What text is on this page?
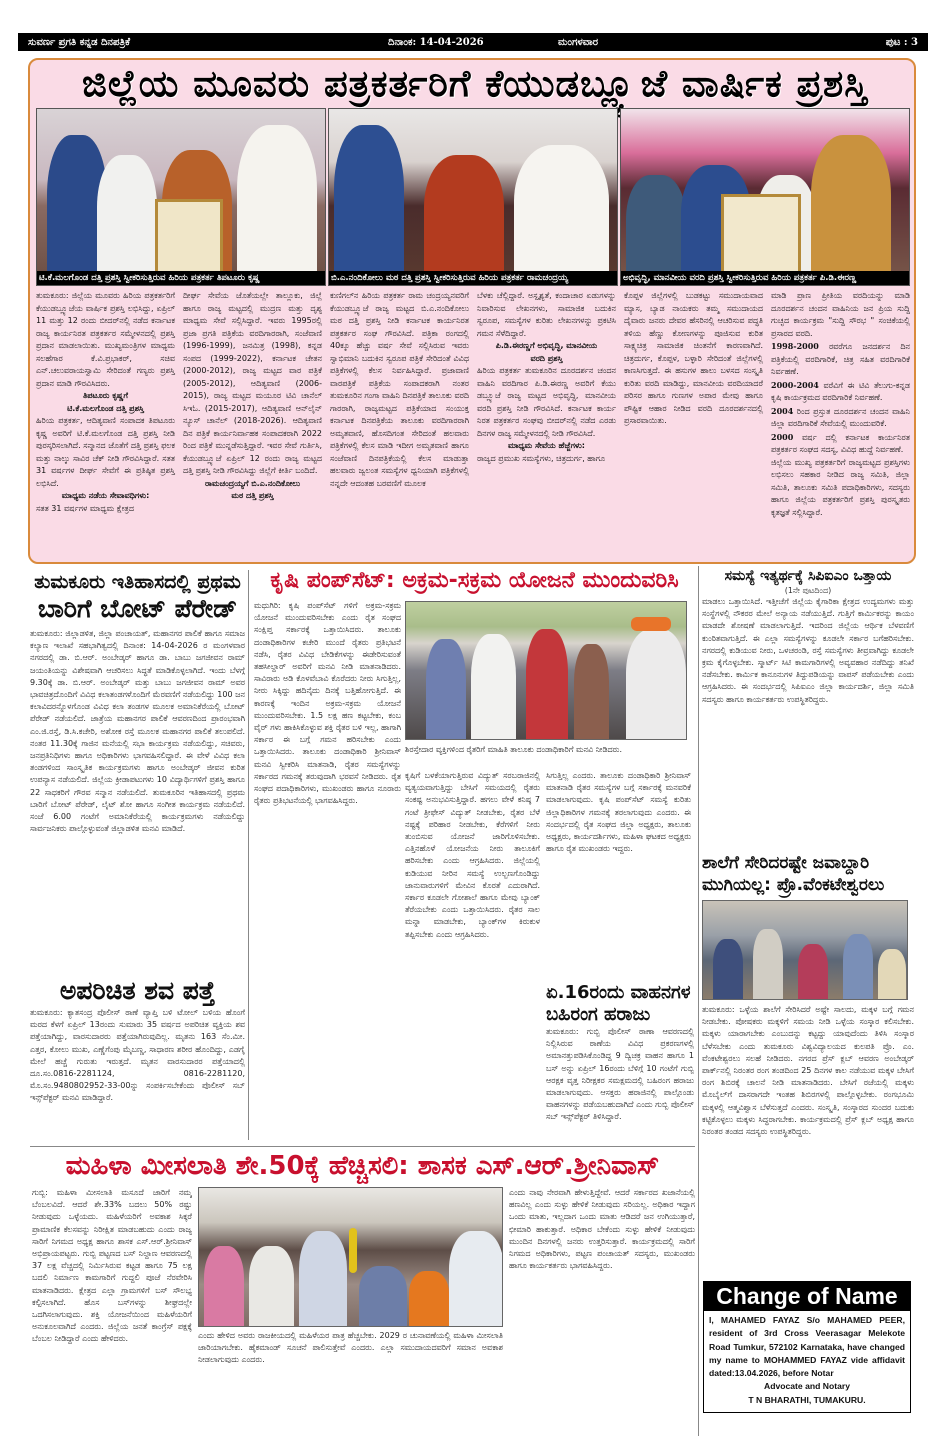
ಸುವರ್ಣ ಪ್ರಗತಿ ಕನ್ನಡ ದಿನಪತ್ರಿಕೆ	ದಿನಾಂಕ: 14-04-2026	ಮಂಗಳವಾರ	ಪುಟ : 3
ಜಿಲ್ಲೆಯ ಮೂವರು ಪತ್ರಕರ್ತರಿಗೆ ಕೆಯುಡಬ್ಲ್ಯೂಜೆ ವಾರ್ಷಿಕ ಪ್ರಶಸ್ತಿ
ಟಿ.ಕೆ.ಮಲಗೊಂಡ ದತ್ತಿ ಪ್ರಶಸ್ತಿ ಸ್ವೀಕರಿಸುತ್ತಿರುವ ಹಿರಿಯ ಪತ್ರಕರ್ತ ತಿಪಟೂರು ಕೃಷ್ಣ	ಬಿ.ಎ.ನಂದಿಕೋಲು ಮಠ ದತ್ತಿ ಪ್ರಶಸ್ತಿ ಸ್ವೀಕರಿಸುತ್ತಿರುವ ಹಿರಿಯ ಪತ್ರಕರ್ತ ರಾಮಚಂದ್ರಯ್ಯ	ಅಭಿವೃದ್ಧಿ, ಮಾನವೀಯ ವರದಿ ಪ್ರಶಸ್ತಿ ಸ್ವೀಕರಿಸುತ್ತಿರುವ ಹಿರಿಯ ಪತ್ರಕರ್ತ ಪಿ.ಡಿ.ಈರಣ್ಣ
ತುಮಕೂರು: ಜಿಲ್ಲೆಯ ಮೂವರು ಹಿರಿಯ ಪತ್ರಕರ್ತರಿಗೆ ಕೆಯುಡಬ್ಲ್ಯೂಜೆಯ ವಾರ್ಷಿಕ ಪ್ರಶಸ್ತಿ ಲಭಿಸಿದ್ದು, ಏಪ್ರಿಲ್ 11 ಮತ್ತು 12 ರಂದು ಬೀದರ್‌ನಲ್ಲಿ ನಡೆದ ಕರ್ನಾಟಕ ರಾಜ್ಯ ಕಾರ್ಯನಿರತ ಪತ್ರಕರ್ತರ ಸಮ್ಮೇಳನದಲ್ಲಿ ಪ್ರಶಸ್ತಿ ಪ್ರದಾನ ಮಾಡಲಾಯಿತು. ಮುಖ್ಯಮಂತ್ರಿಗಳ ಮಾಧ್ಯಮ ಸಲಹೆಗಾರ ಕೆ.ವಿ.ಪ್ರಭಾಕರ್, ಸಚಿವ ಎನ್.ಚಲುವರಾಯಸ್ವಾಮಿ ಸೇರಿದಂತೆ ಗಣ್ಯರು ಪ್ರಶಸ್ತಿ ಪ್ರದಾನ ಮಾಡಿ ಗೌರವಿಸಿದರು.
ತಿಪಟೂರು ಕೃಷ್ಣಗೆ
ಟಿ.ಕೆ.ಮಲಗೊಂಡ ದತ್ತಿ ಪ್ರಶಸ್ತಿ
ಹಿರಿಯ ಪತ್ರಕರ್ತ, ಆದಿತ್ಯವಾಣಿ ಸಂಪಾದಕ ತಿಪಟೂರು ಕೃಷ್ಣ ಅವರಿಗೆ ಟಿ.ಕೆ.ಮಲಗೊಂಡ ದತ್ತಿ ಪ್ರಶಸ್ತಿ ನೀಡಿ ಪುರಸ್ಕರಿಸಲಾಗಿದೆ. ಸನ್ಮಾನದ ಜೊತೆಗೆ ದತ್ತಿ ಪ್ರಶಸ್ತಿ ಫಲಕ ಮತ್ತು ನಾಲ್ಕು ಸಾವಿರ ಚೆಕ್ ನೀಡಿ ಗೌರವಿಸಿದ್ದಾರೆ. ಸತತ 31 ವರ್ಷಗಳ ದೀರ್ಘ ಸೇವೆಗೆ ಈ ಪ್ರತಿಷ್ಠಿತ ಪ್ರಶಸ್ತಿ ಲಭಿಸಿದೆ.
ಮಾಧ್ಯಮ ನಡೆಯ ಸೇವಾವಧಿಗಳು:
ಸತತ 31 ವರ್ಷಗಳ ಮಾಧ್ಯಮ ಕ್ಷೇತ್ರದ
ದೀರ್ಘ ಸೇವೆಯ ಜೊತೆಯಲ್ಲೇ ತಾಲ್ಲೂಕು, ಜಿಲ್ಲೆ ಹಾಗೂ ರಾಜ್ಯ ಮಟ್ಟದಲ್ಲಿ ಮುದ್ರಣ ಮತ್ತು ದೃಶ್ಯ ಮಾಧ್ಯಮ ಸೇವೆ ಸಲ್ಲಿಸಿದ್ದಾರೆ. ಇವರು 1995ರಲ್ಲಿ ಪ್ರಜಾ ಪ್ರಗತಿ ಪತ್ರಿಕೆಯ ವರದಿಗಾರರಾಗಿ, ಸಂಜೆವಾಣಿ (1996-1999), ಜನಮಿತ್ರ (1998), ಕನ್ನಡ ಸಂಪದ (1999-2022), ಕರ್ನಾಟಕ ಚೇತನ (2000-2012), ರಾಜ್ಯ ಮಟ್ಟದ ವಾರ ಪತ್ರಿಕೆ (2005-2012), ಆದಿತ್ಯವಾಣಿ (2006- 2015), ರಾಜ್ಯ ಮಟ್ಟದ ಮಯೂರ ಟಿವಿ ಚಾನೆಲ್ ಸಿಇಓ. (2015-2017), ಆದಿತ್ಯವಾಣಿ ಆನ್‌ಲೈನ್ ನ್ಯೂಸ್ ಚಾನೆಲ್ (2018-2026). ಆದಿತ್ಯವಾಣಿ ದಿನ ಪತ್ರಿಕೆ ಕಾರ್ಯನಿರ್ವಾಹಕ ಸಂಪಾದಕರಾಗಿ 2022 ರಿಂದ ಪತ್ರಿಕೆ ಮುನ್ನಡೆಸುತ್ತಿದ್ದಾರೆ. ಇವರ ಸೇವೆ ಗುರ್ತಿಸಿ, ಕೆಯುಡಬ್ಲ್ಯೂಜೆ ಏಪ್ರಿಲ್ 12 ರಂದು ರಾಜ್ಯ ಮಟ್ಟದ ದತ್ತಿ ಪ್ರಶಸ್ತಿ ನೀಡಿ ಗೌರವಿಸಿದ್ದು ಜಿಲ್ಲೆಗೆ ಕೀರ್ತಿ ಬಂದಿದೆ.
ರಾಮಚಂದ್ರಯ್ಯಗೆ ಬಿ.ಎ.ನಂದಿಕೋಲು
ಮಠ ದತ್ತಿ ಪ್ರಶಸ್ತಿ
ಕುಣಿಗಲ್‌ನ ಹಿರಿಯ ಪತ್ರಕರ್ತ ರಾಮ ಚಂದ್ರಯ್ಯನವರಿಗೆ ಕೆಯುಡಬ್ಲ್ಯೂಜೆ ರಾಜ್ಯ ಮಟ್ಟದ ಬಿ.ಎ.ನಂದಿಕೋಲು ಮಠ ದತ್ತಿ ಪ್ರಶಸ್ತಿ ನೀಡಿ ಕರ್ನಾಟಕ ಕಾರ್ಯನಿರತ ಪತ್ರಕರ್ತರ ಸಂಘ ಗೌರವಿಸಿದೆ. ಪತ್ರಿಕಾ ರಂಗದಲ್ಲಿ 40ಕ್ಕೂ ಹೆಚ್ಚು ವರ್ಷ ಸೇವೆ ಸಲ್ಲಿಸಿರುವ ಇವರು ಸ್ವಾಭಿಮಾನಿ ಬದುಕಿನ ಸ್ವರೂಪ ಪತ್ರಿಕೆ ಸೇರಿದಂತೆ ವಿವಿಧ ಪತ್ರಿಕೆಗಳಲ್ಲಿ ಕೆಲಸ ನಿರ್ವಹಿಸಿದ್ದಾರೆ. ಪ್ರಜಾವಾಣಿ ವಾರಪತ್ರಿಕೆ ಪತ್ರಿಕೆಯ ಸಂಪಾದಕರಾಗಿ ನಂತರ ತುಮಕೂರಿನ ಗಂಗಾ ವಾಹಿನಿ ದಿನಪತ್ರಿಕೆ ತಾಲೂಕು ವರದಿ ಗಾರರಾಗಿ, ರಾಜ್ಯಮಟ್ಟದ ಪತ್ರಿಕೆಯಾದ ಸಂಯುಕ್ತ ಕರ್ನಾಟಕ ದಿನಪತ್ರಿಕೆಯ ತಾಲೂಕು ವರದಿಗಾರರಾಗಿ ಅಮೃತವಾಣಿ, ಹೊಸದಿಗಂತ ಸೇರಿದಂತೆ ಹಲವಾರು ಪತ್ರಿಕೆಗಳಲ್ಲಿ ಕೆಲಸ ಮಾಡಿ ಇದೀಗ ಅಮೃತವಾಣಿ ಹಾಗೂ ಸಂಜೆವಾಣಿ ದಿನಪತ್ರಿಕೆಯಲ್ಲಿ ಕೆಲಸ ಮಾಡುತ್ತಾ ಹಲವಾರು ಜ್ವಲಂತ ಸಮಸ್ಯೆಗಳ ಧ್ವನಿಯಾಗಿ ಪತ್ರಿಕೆಗಳಲ್ಲಿ ನನ್ನದೇ ಆದಂತಹ ಬರವಣಿಗೆ ಮೂಲಕ
ಬೆಳಕು ಚೆಲ್ಲಿದ್ದಾರೆ. ಅಸ್ಪೃಶ್ಯತೆ, ಕಂದಾಚಾರ ಏಡುಗಳನ್ನು ನಿವಾರಿಸುವ ಲೇಖನಗಳು, ಸಾಮಾಜಿಕ ಬದುಕಿನ ಸ್ವರೂಪ, ಸಮಸ್ಯೆಗಳ ಕುರಿತು ಲೇಖನಗಳನ್ನು ಪ್ರಕಟಿಸಿ ಗಮನ ಸೆಳೆದಿದ್ದಾರೆ.
ಪಿ.ಡಿ.ಈರಣ್ಣಗೆ ಅಭಿವೃದ್ಧಿ, ಮಾನವೀಯ
ವರದಿ ಪ್ರಶಸ್ತಿ
ಹಿರಿಯ ಪತ್ರಕರ್ತ ತುಮಕೂರಿನ ದೂರದರ್ಶನ ಚಂದನ ವಾಹಿನಿ ವರದಿಗಾರ ಪಿ.ಡಿ.ಈರಣ್ಣ ಅವರಿಗೆ ಕೆಯು ಡಬ್ಲ್ಯೂಜೆ ರಾಜ್ಯ ಮಟ್ಟದ ಅಭಿವೃದ್ಧಿ, ಮಾನವೀಯ ವರದಿ ಪ್ರಶಸ್ತಿ ನೀಡಿ ಗೌರವಿಸಿದೆ. ಕರ್ನಾಟಕ ಕಾರ್ಯ ನಿರತ ಪತ್ರಕರ್ತರ ಸಂಘವು ಬೀದರ್‌ನಲ್ಲಿ ನಡೆದ ಎರಡು ದಿನಗಳ ರಾಜ್ಯ ಸಮ್ಮೇಳನದಲ್ಲಿ ನೀಡಿ ಗೌರವಿಸಿದೆ.
ಮಾಧ್ಯಮ ಸೇವೆಯ ಹೆಜ್ಜೆಗಳು:
ರಾಜ್ಯದ ಪ್ರಮುಖ ಸಮಸ್ಯೆಗಳು, ಚಿತ್ರದುರ್ಗ, ಹಾಗೂ
ಕೊಪ್ಪಳ ಜಿಲ್ಲೆಗಳಲ್ಲಿ ಬುಡಕಟ್ಟು ಸಮುದಾಯವಾದ ಮ್ಯಾಸ, ಬ್ಯಾಡ ನಾಯಕರು ತಮ್ಮ ಸಮುದಾಯದ ದೈವಾರು ಜನರು ದೇವರ ಹೆಸರಿನಲ್ಲಿ ಆಚರಿಸುವ ಪದ್ಧತಿ ತಳಿಯ ಹೆಣ್ಣು ಕೋಣಗಳನ್ನು ಪೂಜಿಸುವ ಕುರಿತ ಸಾಕ್ಷ್ಯಚಿತ್ರ ಸಾಮಾಜಿಕ ಚಿಂತನೆಗೆ ಕಾರಣವಾಗಿದೆ. ಚಿತ್ರದುರ್ಗ, ಕೊಪ್ಪಳ, ಬಳ್ಳಾರಿ ಸೇರಿದಂತೆ ಜಿಲ್ಲೆಗಳಲ್ಲಿ ಕಾಣಸಿಗುತ್ತದೆ. ಈ ಹಸುಗಳ ಹಾಲು ಬಳಸದ ಸಂಸ್ಕೃತಿ ಕುರಿತು ವರದಿ ಮಾಡಿದ್ದು, ಮಾನವೀಯ ವರದಿಯಾದರೆ ಪರಿಸರ ಹಾಗೂ ಗುಣಗಳ ಅಪಾರ ಮೇವು ಹಾಗೂ ಪೌಷ್ಟಿಕ ಆಹಾರ ನೀಡಿದ ವರದಿ ದೂರದರ್ಶನದಲ್ಲಿ ಪ್ರಸಾರವಾಯಿತು.
ಮಾಡಿ ಪ್ರಾಣ ಪ್ರೀತಿಯ ವರದಿಯನ್ನು ಮಾಡಿ ದೂರದರ್ಶನ ಚಂದನ ವಾಹಿನಿಯ ಜನ ಪ್ರಿಯ ಸುದ್ದಿ ಗುಚ್ಛದ ಕಾರ್ಯಕ್ರಮ "ಸುದ್ದಿ ಸೌರಭ " ಸಂಚಿಕೆಯಲ್ಲಿ ಪ್ರಸಾರದ ವರದಿ.
1998-2000 ರವರೆಗೂ ಜನದರ್ಶನ ದಿನ ಪತ್ರಿಕೆಯಲ್ಲಿ ವರದಿಗಾರಿಕೆ, ಚಿತ್ರ ಸಹಿತ ವರದಿಗಾರಿಕೆ ನಿರ್ವಹಣೆ.
2000-2004 ವರೆವಿಗೆ ಈ ಟಿವಿ ತೆಲುಗು-ಕನ್ನಡ ಕೃಷಿ ಕಾರ್ಯಕ್ರಮದ ವರದಿಗಾರಿಕೆ ನಿರ್ವಹಣೆ.
2004 ರಿಂದ ಪ್ರಸ್ತುತ ದೂರದರ್ಶನ ಚಂದನ ವಾಹಿನಿ ಜಿಲ್ಲಾ ವರದಿಗಾರಿಕೆ ಸೇವೆಯಲ್ಲಿ ಮುಂದುವರಿಕೆ.
2000 ವರ್ಷ ದಲ್ಲಿ ಕರ್ನಾಟಕ ಕಾರ್ಯನಿರತ ಪತ್ರಕರ್ತರ ಸಂಘದ ಸದಸ್ಯ, ವಿವಿಧ ಹುದ್ದೆ ನಿರ್ವಹಣೆ.
ಜಿಲ್ಲೆಯ ಮುಖ್ಯ ಪತ್ರಕರ್ತರಿಗೆ ರಾಜ್ಯಮಟ್ಟದ ಪ್ರಶಸ್ತಿಗಳು ಲಭಿಸಲು ಸಹಕಾರ ನೀಡಿದ ರಾಜ್ಯ ಸಮಿತಿ, ಜಿಲ್ಲಾ ಸಮಿತಿ, ತಾಲೂಕು ಸಮಿತಿ ಪದಾಧಿಕಾರಿಗಳು, ಸದಸ್ಯರು ಹಾಗೂ ಜಿಲ್ಲೆಯ ಪತ್ರಕರ್ತರಿಗೆ ಪ್ರಶಸ್ತಿ ಪುರಸ್ಕೃತರು ಕೃತಜ್ಞತೆ ಸಲ್ಲಿಸಿದ್ದಾರೆ.
ತುಮಕೂರು ಇತಿಹಾಸದಲ್ಲಿ ಪ್ರಥಮ
ಬಾರಿಗೆ ಬೋಟ್ ಪೆರೇಡ್
ತುಮಕೂರು: ಜಿಲ್ಲಾಡಳಿತ, ಜಿಲ್ಲಾ ಪಂಚಾಯತ್, ಮಹಾನಗರ ಪಾಲಿಕೆ ಹಾಗೂ ಸಮಾಜ ಕಲ್ಯಾಣ ಇಲಾಖೆ ಸಹಭಾಗಿತ್ವದಲ್ಲಿ ದಿನಾಂಕ: 14-04-2026 ರ ಮಂಗಳವಾರ ನಗರದಲ್ಲಿ ಡಾ. ಬಿ.ಆರ್. ಅಂಬೇಡ್ಕರ್ ಹಾಗೂ ಡಾ. ಬಾಬು ಜಗಜೀವನ ರಾಮ್ ಜಯಂತಿಯನ್ನು ವಿಶೇಷವಾಗಿ ಆಚರಿಸಲು ಸಿದ್ಧತೆ ಮಾಡಿಕೊಳ್ಳಲಾಗಿದೆ. ಇಂದು ಬೆಳಗ್ಗೆ 9.30ಕ್ಕೆ ಡಾ. ಬಿ.ಆರ್. ಅಂಬೇಡ್ಕರ್ ಮತ್ತು ಬಾಬು ಜಗಜೀವನ ರಾಮ್ ಅವರ ಭಾವಚಿತ್ರದೊಂದಿಗೆ ವಿವಿಧ ಕಲಾತಂಡಗಳೊಂದಿಗೆ ಮೆರವಣಿಗೆ ನಡೆಯಲಿದ್ದು 100 ಜನ ಕಲಾವಿದರನ್ನೊಳಗೊಂಡ ವಿವಿಧ ಕಲಾ ತಂಡಗಳ ಮೂಲಕ ಅಮಾನಿಕೆರೆಯಲ್ಲಿ ಬೋಟ್ ಪೆರೇಡ್ ನಡೆಯಲಿದೆ. ಜಾತ್ರೆಯ ಮಹಾನಗರ ಪಾಲಿಕೆ ಆವರಣದಿಂದ ಪ್ರಾರಂಭವಾಗಿ ಎಂ.ಜಿ.ರಸ್ತೆ, ಡಿ.ಸಿ.ಕಚೇರಿ, ಅಶೋಕ ರಸ್ತೆ ಮೂಲಕ ಮಹಾನಗರ ಪಾಲಿಕೆ ತಲುಪಲಿದೆ. ನಂತರ 11.30ಕ್ಕೆ ಗಾಜಿನ ಮನೆಯಲ್ಲಿ ಸಭಾ ಕಾರ್ಯಕ್ರಮ ನಡೆಯಲಿದ್ದು, ಸಚಿವರು, ಜನಪ್ರತಿನಿಧಿಗಳು ಹಾಗೂ ಅಧಿಕಾರಿಗಳು ಭಾಗವಹಿಸಲಿದ್ದಾರೆ. ಈ ವೇಳೆ ವಿವಿಧ ಕಲಾ ತಂಡಗಳಿಂದ ಸಾಂಸ್ಕೃತಿಕ ಕಾರ್ಯಕ್ರಮಗಳು ಹಾಗೂ ಅಂಬೇಡ್ಕರ್ ಜೀವನ ಕುರಿತ ಉಪನ್ಯಾಸ ನಡೆಯಲಿದೆ. ಜಿಲ್ಲೆಯ ಕ್ರೀಡಾಪಟುಗಳು 10 ವಿದ್ಯಾರ್ಥಿಗಳಿಗೆ ಪ್ರಶಸ್ತಿ ಹಾಗೂ 22 ಸಾಧಕರಿಗೆ ಗೌರವ ಸನ್ಮಾನ ನಡೆಯಲಿದೆ. ತುಮಕೂರಿನ ಇತಿಹಾಸದಲ್ಲಿ ಪ್ರಥಮ ಬಾರಿಗೆ ಬೋಟ್ ಪೆರೇಡ್, ಲೈಟ್ ಶೋ ಹಾಗೂ ಸಂಗೀತ ಕಾರ್ಯಕ್ರಮ ನಡೆಯಲಿದೆ. ಸಂಜೆ 6.00 ಗಂಟೆಗೆ ಅಮಾನಿಕೆರೆಯಲ್ಲಿ ಕಾರ್ಯಕ್ರಮಗಳು ನಡೆಯಲಿದ್ದು ಸಾರ್ವಜನಿಕರು ಪಾಲ್ಗೊಳ್ಳುವಂತೆ ಜಿಲ್ಲಾಡಳಿತ ಮನವಿ ಮಾಡಿದೆ.
ಅಪರಿಚಿತ ಶವ ಪತ್ತೆ
ತುಮಕೂರು: ಕ್ಯಾತಸಂದ್ರ ಪೊಲೀಸ್ ಠಾಣೆ ವ್ಯಾಪ್ತಿ ಬಳಿ ಟೋಲ್ ಬಳಿಯ ಹೊಂಗೆ ಮರದ ಕೆಳಗೆ ಏಪ್ರಿಲ್ 13ರಂದು ಸುಮಾರು 35 ವರ್ಷದ ಅಪರಿಚಿತ ವ್ಯಕ್ತಿಯ ಶವ ಪತ್ತೆಯಾಗಿದ್ದು, ವಾರಸುದಾರರು ಪತ್ತೆಯಾಗಿರುವುದಿಲ್ಲ. ಮೃತನು 163 ಸೆಂ.ಮೀ. ಎತ್ತರ, ಕೋಲು ಮುಖ, ಎಣ್ಣೆಗೆಂಪು ಮೈಬಣ್ಣ, ಸಾಧಾರಣ ಶರೀರ ಹೊಂದಿದ್ದು, ಎಡಗೈ ಮೇಲೆ ಹಚ್ಚೆ ಗುರುತು ಇರುತ್ತದೆ. ಮೃತನ ವಾರಸುದಾರರ ಪತ್ತೆಯಾದಲ್ಲಿ ದೂ.ಸಂ.0816-2281124, 0816-2281120, ಮೊ.ಸಂ.9480802952-33-00ನ್ನು ಸಂಪರ್ಕಿಸಬೇಕೆಂದು ಪೊಲೀಸ್ ಸಬ್ ಇನ್ಸ್‌ಪೆಕ್ಟರ್ ಮನವಿ ಮಾಡಿದ್ದಾರೆ.
ಕೃಷಿ ಪಂಪ್‌ಸೆಟ್: ಅಕ್ರಮ-ಸಕ್ರಮ ಯೋಜನೆ ಮುಂದುವರಿಸಿ
ಮಧುಗಿರಿ: ಕೃಷಿ ಪಂಪ್‌ಸೆಟ್ ಗಳಿಗೆ ಅಕ್ರಮ-ಸಕ್ರಮ ಯೋಜನೆ ಮುಂದುವರಿಸಬೇಕು ಎಂದು ರೈತ ಸಂಘದ ಸಂಕ್ಷಿಪ್ತ ಸರ್ಕಾರಕ್ಕೆ ಒತ್ತಾಯಿಸಿದರು. ತಾಲೂಕು ದಂಡಾಧಿಕಾರಿಗಳ ಕಚೇರಿ ಮುಂದೆ ರೈತರು ಪ್ರತಿಭಟನೆ ನಡೆಸಿ, ರೈತರ ವಿವಿಧ ಬೇಡಿಕೆಗಳನ್ನು ಈಡೇರಿಸುವಂತೆ ತಹಸೀಲ್ದಾರ್ ಅವರಿಗೆ ಮನವಿ ನೀಡಿ ಮಾತನಾಡಿದರು. ಸಾವಿರಾರು ಅಡಿ ಕೊಳವೆಬಾವಿ ಕೊರೆದರು ನೀರು ಸಿಗುತ್ತಿಲ್ಲ, ನೀರು ಸಿಕ್ಕಿದ್ದು ಹದಿನೈದು ದಿನಕ್ಕೆ ಬತ್ತಿಹೋಗುತ್ತಿದೆ. ಈ ಕಾರಣಕ್ಕೆ ಇಂದಿನ ಅಕ್ರಮ-ಸಕ್ರಮ ಯೋಜನೆ ಮುಂದುವರಿಸಬೇಕು. 1.5 ಲಕ್ಷ ಹಣ ಕಟ್ಟಬೇಕು, ಕಂಬ ವೈರ್ ಗಳು ಹಾಕಿಸಿಕೊಳ್ಳುವ ಶಕ್ತಿ ರೈತರ ಬಳಿ ಇಲ್ಲ, ಹಾಗಾಗಿ ಸರ್ಕಾರ ಈ ಬಗ್ಗೆ ಗಮನ ಹರಿಸಬೇಕು ಎಂದು ಒತ್ತಾಯಿಸಿದರು. ತಾಲೂಕು ದಂಡಾಧಿಕಾರಿ ಶ್ರೀನಿವಾಸ್ ಮನವಿ ಸ್ವೀಕರಿಸಿ ಮಾತನಾಡಿ, ರೈತರ ಸಮಸ್ಯೆಗಳನ್ನು ಸರ್ಕಾರದ ಗಮನಕ್ಕೆ ತರುವುದಾಗಿ ಭರವಸೆ ನೀಡಿದರು. ರೈತ ಸಂಘದ ಪದಾಧಿಕಾರಿಗಳು, ಮುಖಂಡರು ಹಾಗೂ ನೂರಾರು ರೈತರು ಪ್ರತಿಭಟನೆಯಲ್ಲಿ ಭಾಗವಹಿಸಿದ್ದರು.
ಶಿರಸ್ತೇದಾರ ವ್ಯಕ್ತಿಗಳಿಂದ ರೈತರಿಗೆ ಮಾಹಿತಿ ತಾಲೂಕು ದಂಡಾಧಿಕಾರಿಗೆ ಮನವಿ ನೀಡಿದರು.
ಕೃಷಿಗೆ ಬಳಕೆಯಾಗುತ್ತಿರುವ ವಿದ್ಯುತ್ ಸರಬರಾಜಿನಲ್ಲಿ ವ್ಯತ್ಯಯವಾಗುತ್ತಿದ್ದು ಬೇಸಿಗೆ ಸಮಯದಲ್ಲಿ ರೈತರು ಸಂಕಷ್ಟ ಅನುಭವಿಸುತ್ತಿದ್ದಾರೆ. ಹಗಲು ವೇಳೆ ಕನಿಷ್ಠ 7 ಗಂಟೆ ತ್ರೀಫೇಸ್ ವಿದ್ಯುತ್ ನೀಡಬೇಕು, ರೈತರ ಬೆಳೆ ನಷ್ಟಕ್ಕೆ ಪರಿಹಾರ ನೀಡಬೇಕು, ಕೆರೆಗಳಿಗೆ ನೀರು ತುಂಬಿಸುವ ಯೋಜನೆ ಜಾರಿಗೊಳಿಸಬೇಕು. ಎತ್ತಿನಹೊಳೆ ಯೋಜನೆಯ ನೀರು ತಾಲೂಕಿಗೆ ಹರಿಸಬೇಕು ಎಂದು ಆಗ್ರಹಿಸಿದರು. ಜಿಲ್ಲೆಯಲ್ಲಿ ಕುಡಿಯುವ ನೀರಿನ ಸಮಸ್ಯೆ ಉಲ್ಬಣಗೊಂಡಿದ್ದು ಜಾನುವಾರುಗಳಿಗೆ ಮೇವಿನ ಕೊರತೆ ಎದುರಾಗಿದೆ. ಸರ್ಕಾರ ಕೂಡಲೇ ಗೋಶಾಲೆ ಹಾಗೂ ಮೇವು ಬ್ಯಾಂಕ್ ತೆರೆಯಬೇಕು ಎಂದು ಒತ್ತಾಯಿಸಿದರು. ರೈತರ ಸಾಲ ಮನ್ನಾ ಮಾಡಬೇಕು, ಬ್ಯಾಂಕ್‌ಗಳ ಕಿರುಕುಳ ತಪ್ಪಿಸಬೇಕು ಎಂದು ಆಗ್ರಹಿಸಿದರು.
ಸಿಗುತ್ತಿಲ್ಲ ಎಂದರು. ತಾಲೂಕು ದಂಡಾಧಿಕಾರಿ ಶ್ರೀನಿವಾಸ್ ಮಾತನಾಡಿ ರೈತರ ಸಮಸ್ಯೆಗಳ ಬಗ್ಗೆ ಸರ್ಕಾರಕ್ಕೆ ಮನವರಿಕೆ ಮಾಡಲಾಗುವುದು. ಕೃಷಿ ಪಂಪ್‌ಸೆಟ್ ಸಮಸ್ಯೆ ಕುರಿತು ಜಿಲ್ಲಾಧಿಕಾರಿಗಳ ಗಮನಕ್ಕೆ ತರಲಾಗುವುದು ಎಂದರು. ಈ ಸಂದರ್ಭದಲ್ಲಿ ರೈತ ಸಂಘದ ಜಿಲ್ಲಾ ಅಧ್ಯಕ್ಷರು, ತಾಲೂಕು ಅಧ್ಯಕ್ಷರು, ಕಾರ್ಯದರ್ಶಿಗಳು, ಮಹಿಳಾ ಘಟಕದ ಅಧ್ಯಕ್ಷರು ಹಾಗೂ ರೈತ ಮುಖಂಡರು ಇದ್ದರು.
ಏ.16ರಂದು ವಾಹನಗಳ
ಬಹಿರಂಗ ಹರಾಜು
ತುಮಕೂರು: ಗುಬ್ಬಿ ಪೊಲೀಸ್ ಠಾಣಾ ಆವರಣದಲ್ಲಿ ನಿಲ್ಲಿಸಿರುವ ಠಾಣೆಯ ವಿವಿಧ ಪ್ರಕರಣಗಳಲ್ಲಿ ಅಮಾನತ್ತುಪಡಿಸಿಕೊಂಡಿದ್ದ 9 ದ್ವಿಚಕ್ರ ವಾಹನ ಹಾಗೂ 1 ಬಸ್ ಅನ್ನು ಏಪ್ರಿಲ್ 16ರಂದು ಬೆಳಿಗ್ಗೆ 10 ಗಂಟೆಗೆ ಗುಬ್ಬಿ ಆರಕ್ಷಕ ವೃತ್ತ ನಿರೀಕ್ಷಕರ ಸಮಕ್ಷಮದಲ್ಲಿ ಬಹಿರಂಗ ಹರಾಜು ಮಾಡಲಾಗುವುದು. ಆಸಕ್ತರು ಹರಾಜಿನಲ್ಲಿ ಪಾಲ್ಗೊಂಡು ವಾಹನಗಳನ್ನು ಪಡೆಯಬಹುದಾಗಿದೆ ಎಂದು ಗುಬ್ಬಿ ಪೊಲೀಸ್ ಸಬ್ ಇನ್ಸ್‌ಪೆಕ್ಟರ್ ತಿಳಿಸಿದ್ದಾರೆ.
ಸಮಸ್ಯೆ ಇತ್ಯರ್ಥಕ್ಕೆ ಸಿಪಿಐಎಂ ಒತ್ತಾಯ
(1ನೇ ಪುಟದಿಂದ)
ಮಾಡಲು ಒತ್ತಾಯಿಸಿದೆ. ಇತ್ತೀಚೆಗೆ ಜಿಲ್ಲೆಯ ಕೈಗಾರಿಕಾ ಕ್ಷೇತ್ರದ ಉದ್ಯಮಗಳು ಮತ್ತು ಸಂಸ್ಥೆಗಳಲ್ಲಿ ನೌಕರರ ಮೇಲೆ ಅನ್ಯಾಯ ನಡೆಯುತ್ತಿದೆ. ಗುತ್ತಿಗೆ ಕಾರ್ಮಿಕರನ್ನು ಕಾಯಂ ಮಾಡದೇ ಶೋಷಣೆ ಮಾಡಲಾಗುತ್ತಿದೆ. ಇದರಿಂದ ಜಿಲ್ಲೆಯ ಆರ್ಥಿಕ ಬೆಳವಣಿಗೆ ಕುಂಠಿತವಾಗುತ್ತಿದೆ. ಈ ಎಲ್ಲಾ ಸಮಸ್ಯೆಗಳನ್ನು ಕೂಡಲೇ ಸರ್ಕಾರ ಬಗೆಹರಿಸಬೇಕು. ನಗರದಲ್ಲಿ ಕುಡಿಯುವ ನೀರು, ಒಳಚರಂಡಿ, ರಸ್ತೆ ಸಮಸ್ಯೆಗಳು ತೀವ್ರವಾಗಿದ್ದು ಕೂಡಲೇ ಕ್ರಮ ಕೈಗೊಳ್ಳಬೇಕು. ಸ್ಮಾರ್ಟ್ ಸಿಟಿ ಕಾಮಗಾರಿಗಳಲ್ಲಿ ಅವ್ಯವಹಾರ ನಡೆದಿದ್ದು ತನಿಖೆ ನಡೆಸಬೇಕು. ಕಾರ್ಮಿಕ ಕಾನೂನುಗಳ ತಿದ್ದುಪಡಿಯನ್ನು ವಾಪಸ್ ಪಡೆಯಬೇಕು ಎಂದು ಆಗ್ರಹಿಸಿದರು. ಈ ಸಂದರ್ಭದಲ್ಲಿ ಸಿಪಿಐಎಂ ಜಿಲ್ಲಾ ಕಾರ್ಯದರ್ಶಿ, ಜಿಲ್ಲಾ ಸಮಿತಿ ಸದಸ್ಯರು ಹಾಗೂ ಕಾರ್ಯಕರ್ತರು ಉಪಸ್ಥಿತರಿದ್ದರು.
ಶಾಲೆಗೆ ಸೇರಿದರಷ್ಟೇ ಜವಾಬ್ದಾರಿ
ಮುಗಿಯಲ್ಲ: ಪ್ರೊ.ವೆಂಕಟೇಶ್ವರಲು
ತುಮಕೂರು: ಒಳ್ಳೆಯ ಶಾಲೆಗೆ ಸೇರಿಸಿದರೆ ಅಷ್ಟೇ ಸಾಲದು, ಮಕ್ಕಳ ಬಗ್ಗೆ ಗಮನ ನೀಡಬೇಕು. ಪೋಷಕರು ಮಕ್ಕಳಿಗೆ ಸಮಯ ನೀಡಿ ಒಳ್ಳೆಯ ಸಂಸ್ಕಾರ ಕಲಿಸಬೇಕು. ಮಕ್ಕಳು ಯಾರಾಗಬೇಕು ಎಂಬುದನ್ನು ಕಟ್ಟದ್ದು ಯಾವುದೆಂದು ತಿಳಿಸಿ ಸಂಸ್ಕಾರ ಬೆಳೆಸಬೇಕು ಎಂದು ತುಮಕೂರು ವಿಶ್ವವಿದ್ಯಾಲಯದ ಕುಲಪತಿ ಪ್ರೊ. ಎಂ. ವೆಂಕಟೇಶ್ವರಲು ಸಲಹೆ ನೀಡಿದರು. ನಗರದ ಪ್ರೆಸ್ ಕ್ಲಬ್ ಆವರಣ ಅಂಬೇಡ್ಕರ್ ಪಾರ್ಕ್‌ನಲ್ಲಿ ನಿರಂತರ ರಂಗ ತಂಡದಿಂದ 25 ದಿನಗಳ ಕಾಲ ನಡೆಯುವ ಮಕ್ಕಳ ಬೇಸಿಗೆ ರಂಗ ಶಿಬಿರಕ್ಕೆ ಚಾಲನೆ ನೀಡಿ ಮಾತನಾಡಿದರು. ಬೇಸಿಗೆ ರಜೆಯಲ್ಲಿ ಮಕ್ಕಳು ಮೊಬೈಲ್‌ಗೆ ದಾಸರಾಗದೇ ಇಂತಹ ಶಿಬಿರಗಳಲ್ಲಿ ಪಾಲ್ಗೊಳ್ಳಬೇಕು. ರಂಗಭೂಮಿ ಮಕ್ಕಳಲ್ಲಿ ಆತ್ಮವಿಶ್ವಾಸ ಬೆಳೆಸುತ್ತದೆ ಎಂದರು. ಸಂಸ್ಕೃತಿ, ಸಂಸ್ಕಾರದ ಸುಂದರ ಬದುಕು ಕಟ್ಟಿಕೊಳ್ಳಲು ಮಕ್ಕಳು ಸಿದ್ಧರಾಗಬೇಕು. ಕಾರ್ಯಕ್ರಮದಲ್ಲಿ ಪ್ರೆಸ್ ಕ್ಲಬ್ ಅಧ್ಯಕ್ಷ ಹಾಗೂ ನಿರಂತರ ತಂಡದ ಸದಸ್ಯರು ಉಪಸ್ಥಿತರಿದ್ದರು.
ಮಹಿಳಾ ಮೀಸಲಾತಿ ಶೇ.50ಕ್ಕೆ ಹೆಚ್ಚಿಸಲಿ: ಶಾಸಕ ಎಸ್.ಆರ್.ಶ್ರೀನಿವಾಸ್
ಗುಬ್ಬಿ: ಮಹಿಳಾ ಮೀಸಲಾತಿ ಮಸೂದೆ ಜಾರಿಗೆ ನಮ್ಮ ಬೆಂಬಲವಿದೆ. ಆದರೆ ಶೇ.33% ಬದಲು 50% ರಷ್ಟು ನೀಡುವುದು ಒಳ್ಳೆಯದು. ಮಹಿಳೆಯರಿಗೆ ಅವಕಾಶ ಸಿಕ್ಕರೆ ಪ್ರಾಮಾಣಿಕ ಕೆಲಸವನ್ನು ನಿರೀಕ್ಷಿತ ಮಾಡಬಹುದು ಎಂದು ರಾಜ್ಯ ಸಾರಿಗೆ ನಿಗಮದ ಅಧ್ಯಕ್ಷ ಹಾಗೂ ಶಾಸಕ ಎಸ್.ಆರ್.ಶ್ರೀನಿವಾಸ್ ಅಭಿಪ್ರಾಯಪಟ್ಟರು. ಗುಬ್ಬಿ ಪಟ್ಟಣದ ಬಸ್ ನಿಲ್ದಾಣ ಆವರಣದಲ್ಲಿ 37 ಲಕ್ಷ ವೆಚ್ಚದಲ್ಲಿ ನಿರ್ಮಿಸಿರುವ ಕಟ್ಟಡ ಹಾಗೂ 75 ಲಕ್ಷ ಬದಲಿ ನಿರ್ಮಾಣ ಕಾಮಗಾರಿಗೆ ಗುದ್ದಲಿ ಪೂಜೆ ನೆರವೇರಿಸಿ ಮಾತನಾಡಿದರು. ಕ್ಷೇತ್ರದ ಎಲ್ಲಾ ಗ್ರಾಮಗಳಿಗೆ ಬಸ್ ಸೌಲಭ್ಯ ಕಲ್ಪಿಸಲಾಗಿದೆ. ಹೊಸ ಬಸ್‌ಗಳನ್ನು ಶೀಘ್ರದಲ್ಲೇ ಒದಗಿಸಲಾಗುವುದು. ಶಕ್ತಿ ಯೋಜನೆಯಿಂದ ಮಹಿಳೆಯರಿಗೆ ಅನುಕೂಲವಾಗಿದೆ ಎಂದರು. ಜಿಲ್ಲೆಯ ಜನತೆ ಕಾಂಗ್ರೆಸ್ ಪಕ್ಷಕ್ಕೆ ಬೆಂಬಲ ನೀಡಿದ್ದಾರೆ ಎಂದು ಹೇಳಿದರು.	ಎಂದು ಹೇಳಿದ ಅವರು ರಾಜಕೀಯದಲ್ಲಿ ಮಹಿಳೆಯರ ಪಾತ್ರ ಹೆಚ್ಚಬೇಕು. 2029 ರ ಚುನಾವಣೆಯಲ್ಲಿ ಮಹಿಳಾ ಮೀಸಲಾತಿ ಜಾರಿಯಾಗಬೇಕು. ಹೈಕಮಾಂಡ್ ಸೂಚನೆ ಪಾಲಿಸುತ್ತೇವೆ ಎಂದರು. ಎಲ್ಲಾ ಸಮುದಾಯದವರಿಗೆ ಸಮಾನ ಅವಕಾಶ ನೀಡಲಾಗುವುದು ಎಂದರು.
ಎಂದು ನಾವು ನೇರವಾಗಿ ಹೇಳುತ್ತಿದ್ದೇವೆ. ಆದರೆ ಸರ್ಕಾರದ ಖಜಾನೆಯಲ್ಲಿ ಹಣವಿಲ್ಲ ಎಂದು ಸುಳ್ಳು ಹೇಳಿಕೆ ನೀಡುವುದು ಸರಿಯಲ್ಲ. ಅಧಿಕಾರ ಇದ್ದಾಗ ಒಂದು ಮಾತು, ಇಲ್ಲದಾಗ ಒಂದು ಮಾತು ಆಡಿದರೆ ಜನ ಉಗಿಯುತ್ತಾರೆ, ಛೀಮಾರಿ ಹಾಕುತ್ತಾರೆ. ಅಧಿಕಾರ ಬೇಕೆಂದು ಸುಳ್ಳು ಹೇಳಿಕೆ ನೀಡುವುದು ಮುಂದಿನ ದಿನಗಳಲ್ಲಿ ಜನರು ಉತ್ತರಿಸುತ್ತಾರೆ. ಕಾರ್ಯಕ್ರಮದಲ್ಲಿ ಸಾರಿಗೆ ನಿಗಮದ ಅಧಿಕಾರಿಗಳು, ಪಟ್ಟಣ ಪಂಚಾಯತ್ ಸದಸ್ಯರು, ಮುಖಂಡರು ಹಾಗೂ ಕಾರ್ಯಕರ್ತರು ಭಾಗವಹಿಸಿದ್ದರು.
Change of Name
I, MAHAMED FAYAZ S/o MAHAMED PEER, resident of 3rd Cross Veerasagar Melekote Road Tumkur, 572102 Karnataka, have changed my name to MOHAMMED FAYAZ vide affidavit dated:13.04.2026, before Notar
Advocate and Notary
T N BHARATHI, TUMAKURU.
